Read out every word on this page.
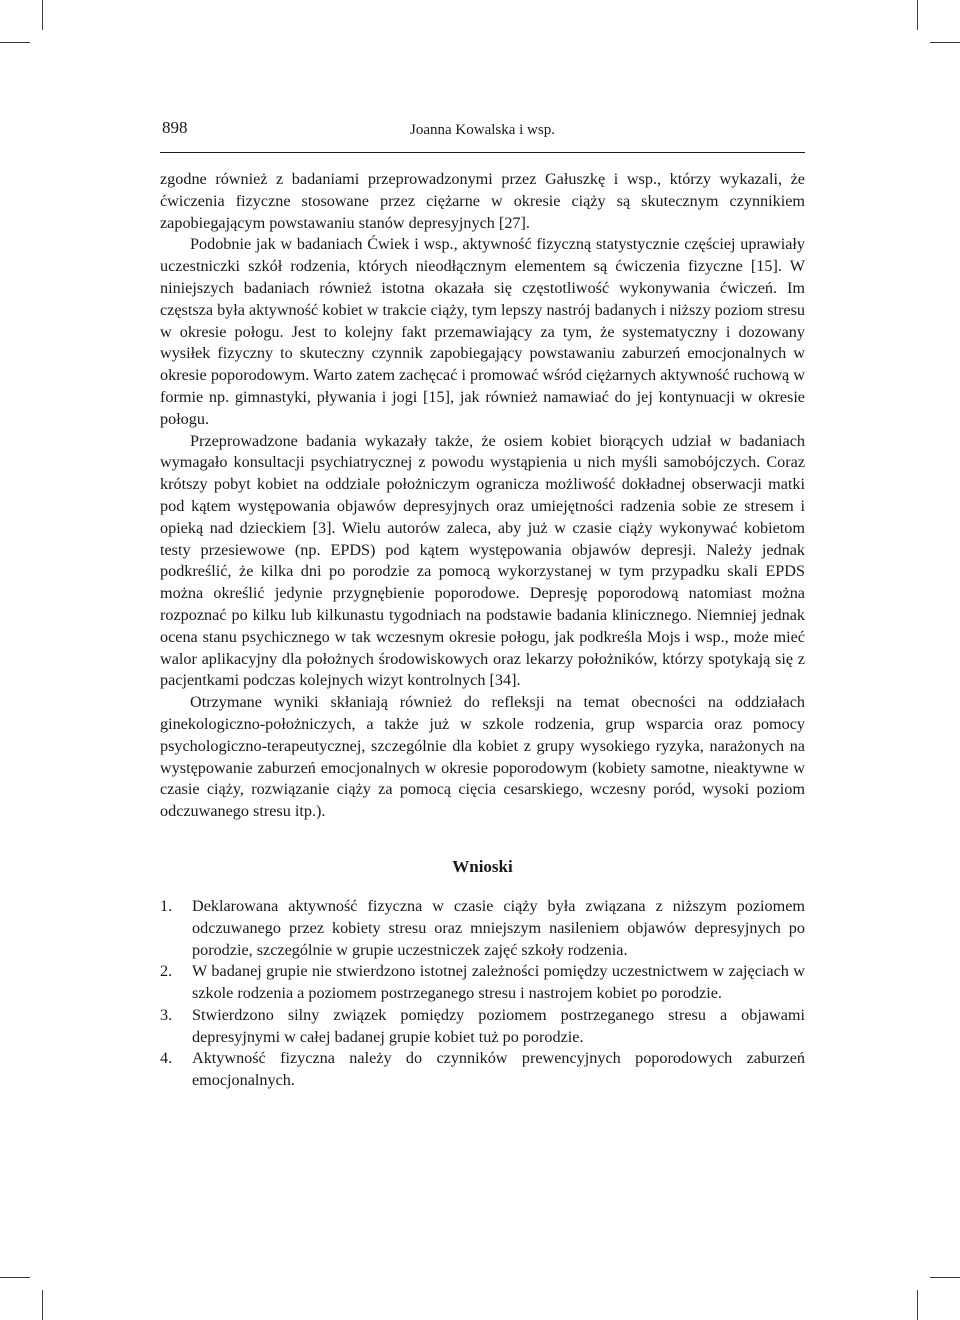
898	Joanna Kowalska i wsp.

zgodne również z badaniami przeprowadzonymi przez Gałuszkę i wsp., którzy wykazali, że ćwiczenia fizyczne stosowane przez ciężarne w okresie ciąży są skutecznym czynnikiem zapobiegającym powstawaniu stanów depresyjnych [27].

Podobnie jak w badaniach Ćwiek i wsp., aktywność fizyczną statystycznie częściej uprawiały uczestniczki szkół rodzenia, których nieodłącznym elementem są ćwiczenia fizyczne [15]. W niniejszych badaniach również istotna okazała się częstotliwość wykonywania ćwiczeń. Im częstsza była aktywność kobiet w trakcie ciąży, tym lepszy nastrój badanych i niższy poziom stresu w okresie połogu. Jest to kolejny fakt przemawiający za tym, że systematyczny i dozowany wysiłek fizyczny to skuteczny czynnik zapobiegający powstawaniu zaburzeń emocjonalnych w okresie poporodowym. Warto zatem zachęcać i promować wśród ciężarnych aktywność ruchową w formie np. gimnastyki, pływania i jogi [15], jak również namawiać do jej kontynuacji w okresie połogu.

Przeprowadzone badania wykazały także, że osiem kobiet biorących udział w badaniach wymagało konsultacji psychiatrycznej z powodu wystąpienia u nich myśli samobójczych. Coraz krótszy pobyt kobiet na oddziale położniczym ogranicza możliwość dokładnej obserwacji matki pod kątem występowania objawów depresyjnych oraz umiejętności radzenia sobie ze stresem i opieką nad dzieckiem [3]. Wielu autorów zaleca, aby już w czasie ciąży wykonywać kobietom testy przesiewowe (np. EPDS) pod kątem występowania objawów depresji. Należy jednak podkreślić, że kilka dni po porodzie za pomocą wykorzystanej w tym przypadku skali EPDS można określić jedynie przygnębienie poporodowe. Depresję poporodową natomiast można rozpoznać po kilku lub kilkunastu tygodniach na podstawie badania klinicznego. Niemniej jednak ocena stanu psychicznego w tak wczesnym okresie połogu, jak podkreśla Mojs i wsp., może mieć walor aplikacyjny dla położnych środowiskowych oraz lekarzy położników, którzy spotykają się z pacjentkami podczas kolejnych wizyt kontrolnych [34].

Otrzymane wyniki skłaniają również do refleksji na temat obecności na oddziałach ginekologiczno-położniczych, a także już w szkole rodzenia, grup wsparcia oraz pomocy psychologiczno-terapeutycznej, szczególnie dla kobiet z grupy wysokiego ryzyka, narażonych na występowanie zaburzeń emocjonalnych w okresie poporodowym (kobiety samotne, nieaktywne w czasie ciąży, rozwiązanie ciąży za pomocą cięcia cesarskiego, wczesny poród, wysoki poziom odczuwanego stresu itp.).

Wnioski
1. Deklarowana aktywność fizyczna w czasie ciąży była związana z niższym poziomem odczuwanego przez kobiety stresu oraz mniejszym nasileniem objawów depresyjnych po porodzie, szczególnie w grupie uczestniczek zajęć szkoły rodzenia.
2. W badanej grupie nie stwierdzono istotnej zależności pomiędzy uczestnictwem w zajęciach w szkole rodzenia a poziomem postrzeganego stresu i nastrojem kobiet po porodzie.
3. Stwierdzono silny związek pomiędzy poziomem postrzeganego stresu a objawami depresyjnymi w całej badanej grupie kobiet tuż po porodzie.
4. Aktywność fizyczna należy do czynników prewencyjnych poporodowych zaburzeń emocjonalnych.
